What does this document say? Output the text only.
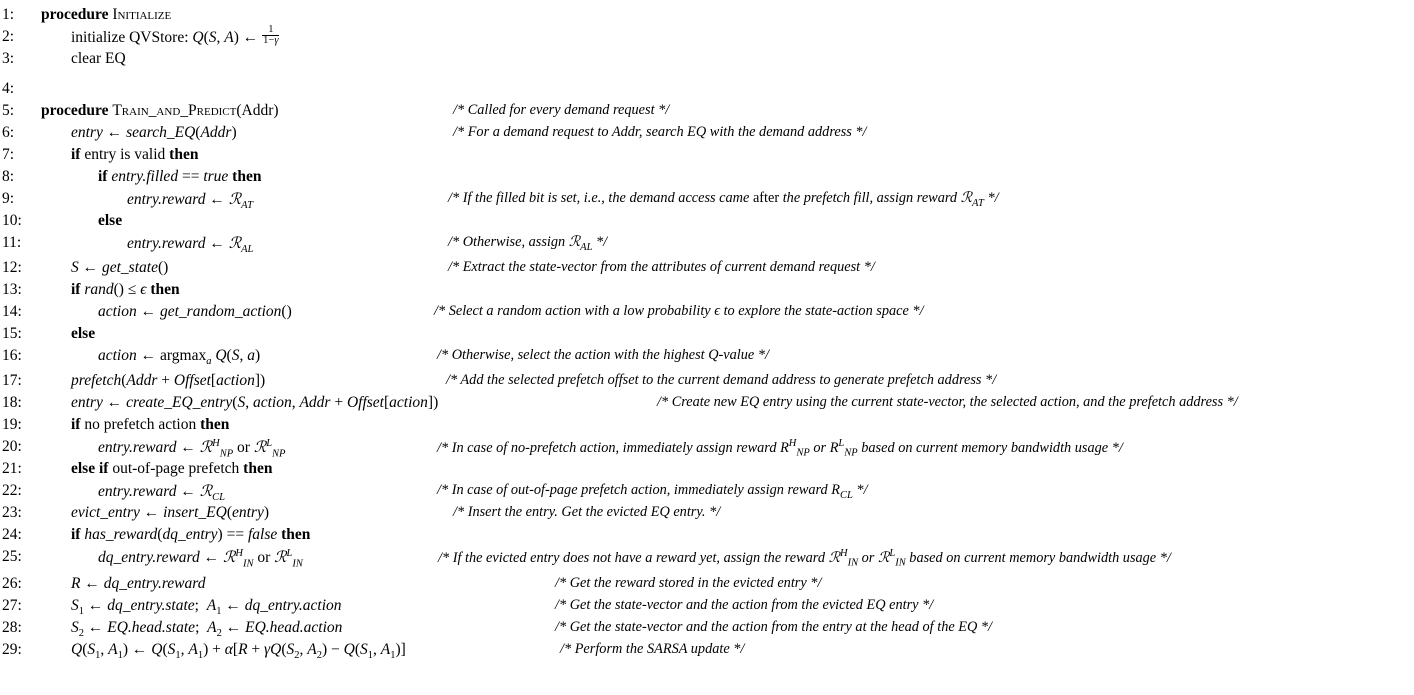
1:	procedure Initialize
2:	initialize QVStore: Q(S, A) ← $\frac{1}{1-\gamma}$
3:	clear EQ
4:
5:	procedure Train_and_Predict(Addr)	/* Called for every demand request */
6:	entry ← search_EQ(Addr)	/* For a demand request to Addr, search EQ with the demand address */
7:	if entry is valid then
8:	if entry.filled == true then
9:	entry.reward ← ℛ$_{AT}$	/* If the filled bit is set, i.e., the demand access came after the prefetch fill, assign reward ℛ$_{AT}$ */
10:	else
11:	entry.reward ← ℛ$_{AL}$	/* Otherwise, assign ℛ$_{AL}$ */
12:	S ← get_state()	/* Extract the state-vector from the attributes of current demand request */
13:	if rand() ≤ ϵ then
14:	action ← get_random_action()	/* Select a random action with a low probability ϵ to explore the state-action space */
15:	else
16:	action ← argmax$_a$ Q(S, a)	/* Otherwise, select the action with the highest Q-value */
17:	prefetch(Addr + Offset[action])	/* Add the selected prefetch offset to the current demand address to generate prefetch address */
18:	entry ← create_EQ_entry(S, action, Addr + Offset[action])	/* Create new EQ entry using the current state-vector, the selected action, and the prefetch address */
19:	if no prefetch action then
20:	entry.reward ← ℛ$^H_{NP}$ or ℛ$^L_{NP}$	/* In case of no-prefetch action, immediately assign reward $R^H_{NP}$ or $R^L_{NP}$ based on current memory bandwidth usage */
21:	else if out-of-page prefetch then
22:	entry.reward ← ℛ$_{CL}$	/* In case of out-of-page prefetch action, immediately assign reward $R_{CL}$ */
23:	evict_entry ← insert_EQ(entry)	/* Insert the entry. Get the evicted EQ entry. */
24:	if has_reward(dq_entry) == false then
25:	dq_entry.reward ← ℛ$^H_{IN}$ or ℛ$^L_{IN}$	/* If the evicted entry does not have a reward yet, assign the reward ℛ$^H_{IN}$ or ℛ$^L_{IN}$ based on current memory bandwidth usage */
26:	R ← dq_entry.reward	/* Get the reward stored in the evicted entry */
27:	$S_1$ ← dq_entry.state;  $A_1$ ← dq_entry.action	/* Get the state-vector and the action from the evicted EQ entry */
28:	$S_2$ ← EQ.head.state;  $A_2$ ← EQ.head.action	/* Get the state-vector and the action from the entry at the head of the EQ */
29:	$Q(S_1$, $A_1$) ← $Q(S_1$, $A_1) + \alpha[R + \gamma Q(S_2$, $A_2) - Q(S_1$, $A_1$)]	/* Perform the SARSA update */
